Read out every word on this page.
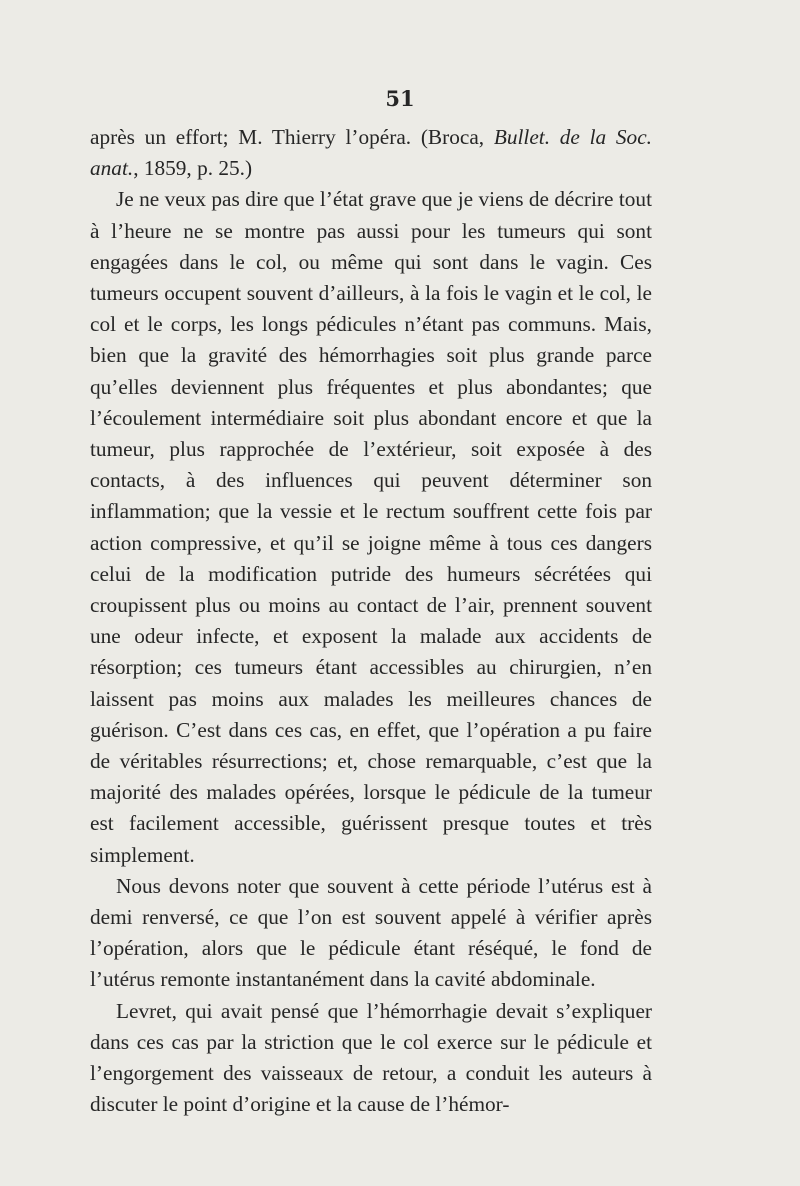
51

après un effort; M. Thierry l’opéra. (Broca, Bullet. de la Soc. anat., 1859, p. 25.)

Je ne veux pas dire que l’état grave que je viens de décrire tout à l’heure ne se montre pas aussi pour les tumeurs qui sont engagées dans le col, ou même qui sont dans le vagin. Ces tumeurs occupent souvent d’ailleurs, à la fois le vagin et le col, le col et le corps, les longs pédicules n’étant pas communs. Mais, bien que la gravité des hémorrhagies soit plus grande parce qu’elles deviennent plus fréquentes et plus abondantes; que l’écoulement intermédiaire soit plus abondant encore et que la tumeur, plus rapprochée de l’extérieur, soit exposée à des contacts, à des influences qui peuvent déterminer son inflammation; que la vessie et le rectum souffrent cette fois par action compressive, et qu’il se joigne même à tous ces dangers celui de la modification putride des humeurs sécrétées qui croupissent plus ou moins au contact de l’air, prennent souvent une odeur infecte, et exposent la malade aux accidents de résorption; ces tumeurs étant accessibles au chirurgien, n’en laissent pas moins aux malades les meilleures chances de guérison. C’est dans ces cas, en effet, que l’opération a pu faire de véritables résurrections; et, chose remarquable, c’est que la majorité des malades opérées, lorsque le pédicule de la tumeur est facilement accessible, guérissent presque toutes et très simplement.

Nous devons noter que souvent à cette période l’utérus est à demi renversé, ce que l’on est souvent appelé à vérifier après l’opération, alors que le pédicule étant réséqué, le fond de l’utérus remonte instantanément dans la cavité abdominale.

Levret, qui avait pensé que l’hémorrhagie devait s’expliquer dans ces cas par la striction que le col exerce sur le pédicule et l’engorgement des vaisseaux de retour, a conduit les auteurs à discuter le point d’origine et la cause de l’hémor-
